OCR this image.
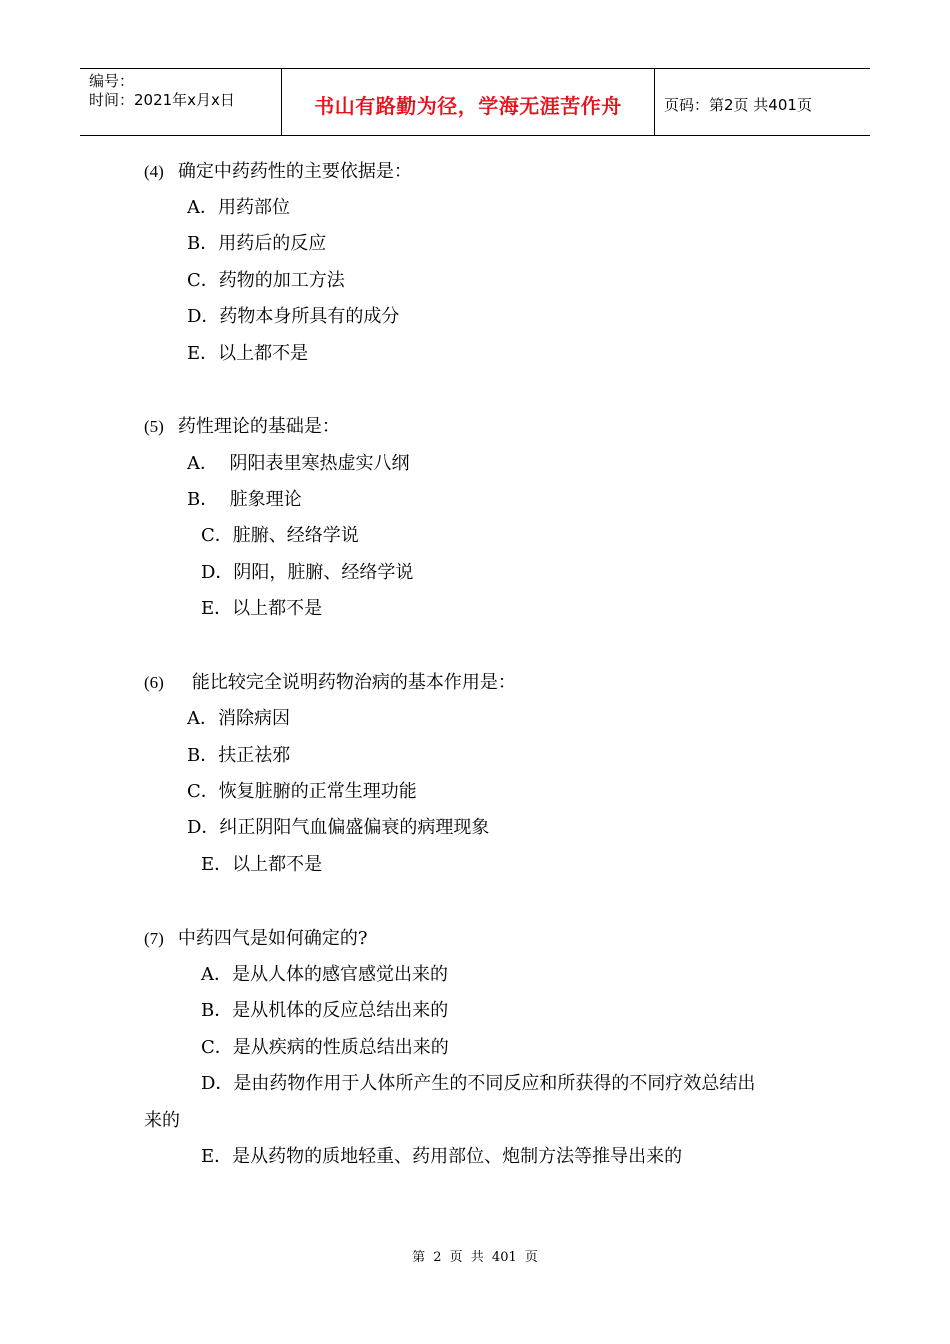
编号：
时间：2021年x月x日	书山有路勤为径，学海无涯苦作舟	页码：第2页 共401页
(4) 确定中药药性的主要依据是：
A．用药部位
B．用药后的反应
C．药物的加工方法
D．药物本身所具有的成分
E．以上都不是
(5) 药性理论的基础是：
A．  阴阳表里寒热虚实八纲
B．  脏象理论
C．脏腑、经络学说
D．阴阳，脏腑、经络学说
E．以上都不是
(6) 能比较完全说明药物治病的基本作用是：
A．消除病因
B．扶正祛邪
C．恢复脏腑的正常生理功能
D．纠正阴阳气血偏盛偏衰的病理现象
E．以上都不是
(7) 中药四气是如何确定的?
A．是从人体的感官感觉出来的
B．是从机体的反应总结出来的
C．是从疾病的性质总结出来的
D．是由药物作用于人体所产生的不同反应和所获得的不同疗效总结出
来的
E．是从药物的质地轻重、药用部位、炮制方法等推导出来的
第 2 页 共 401 页
